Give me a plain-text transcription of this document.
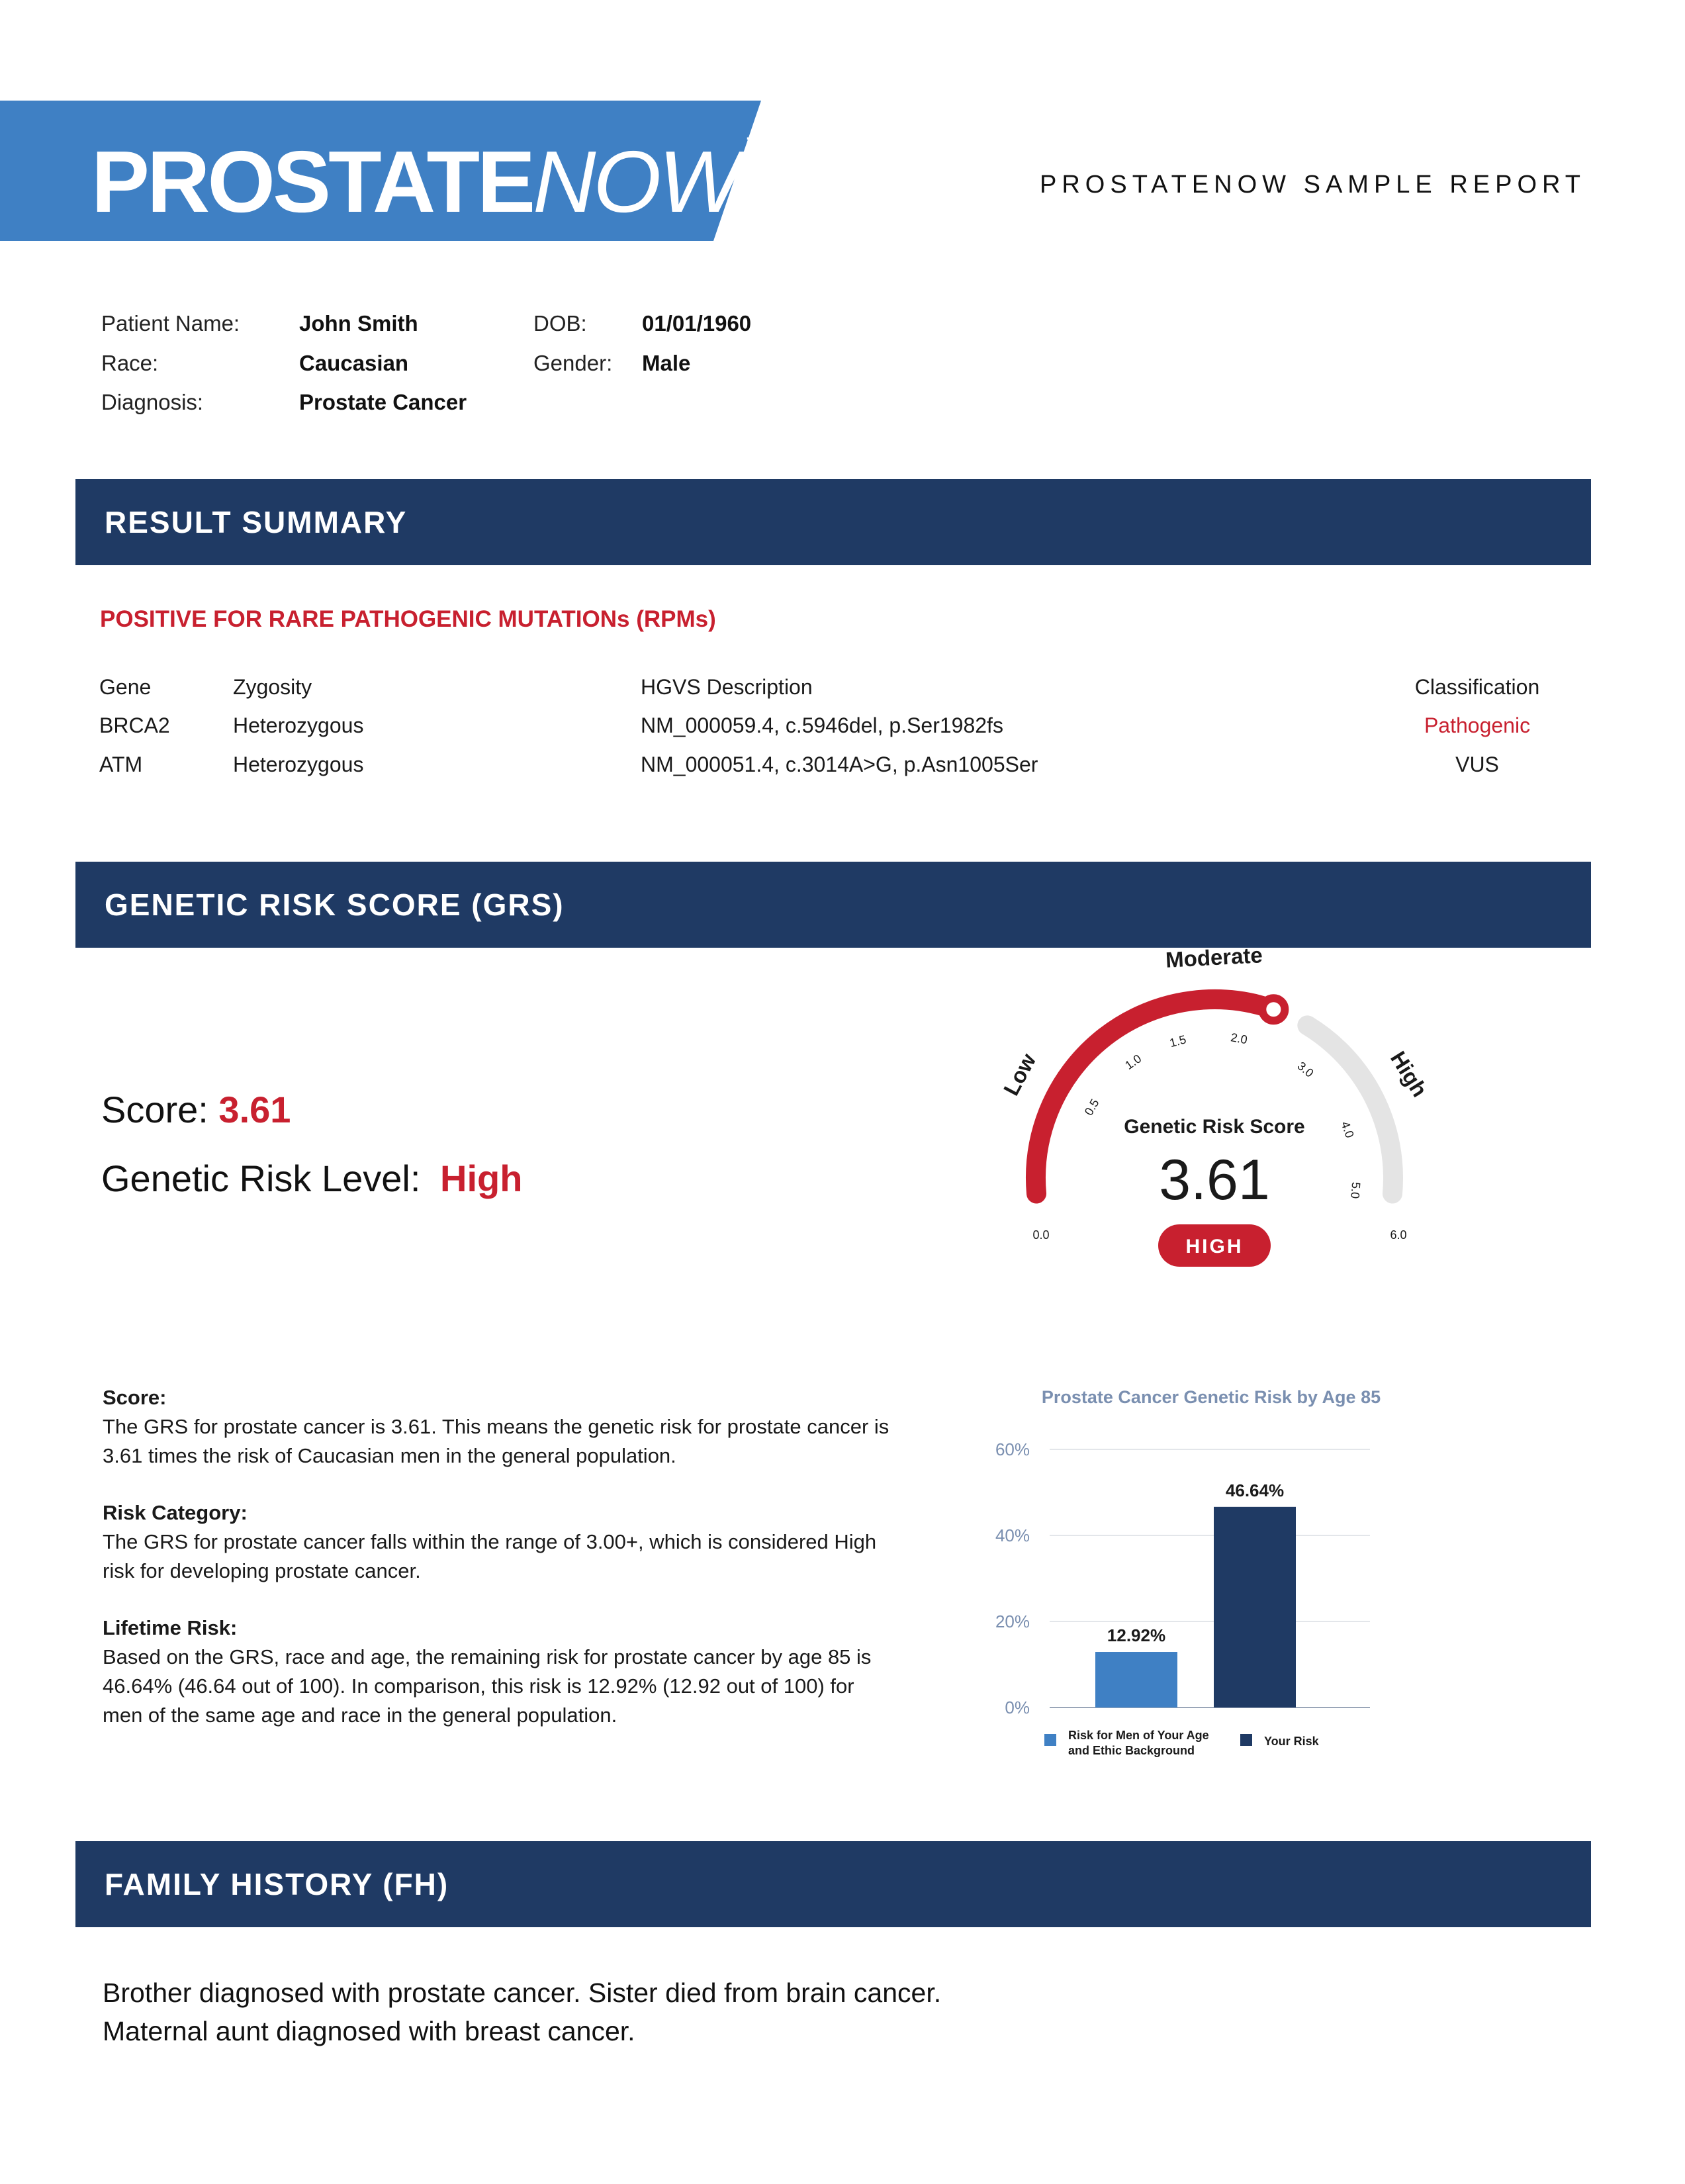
PROSTATENOW ™
PROSTATENOW SAMPLE REPORT
Patient Name:	John Smith
Race:	Caucasian
Diagnosis:	Prostate Cancer
DOB:	01/01/1960
Gender: Male
RESULT SUMMARY
POSITIVE FOR RARE PATHOGENIC MUTATIONs (RPMs)
Gene	Zygosity	HGVS Description	Classification
BRCA2	Heterozygous	NM_000059.4, c.5946del, p.Ser1982fs	Pathogenic
ATM	Heterozygous	NM_000051.4, c.3014A>G, p.Asn1005Ser	VUS
GENETIC RISK SCORE (GRS)
Score: 3.61
Genetic Risk Level: High
0.0
0.5
1.0
1.5	2.0
3.0
4.0
5.0
6.0
Low
Moderate
High
Genetic Risk Score
3.61
HIGH
Score:
The GRS for prostate cancer is 3.61. This means the genetic risk for prostate cancer is 3.61 times the risk of Caucasian men in the general population.
Risk Category:
The GRS for prostate cancer falls within the range of 3.00+, which is considered High risk for developing prostate cancer.
Lifetime Risk:
Based on the GRS, race and age, the remaining risk for prostate cancer by age 85 is 46.64% (46.64 out of 100). In comparison, this risk is 12.92% (12.92 out of 100) for men of the same age and race in the general population.
Prostate Cancer Genetic Risk by Age 85
0%
20%
40%
60%
12.92%
46.64%
Risk for Men of Your Age
and Ethic Background
Your Risk
FAMILY HISTORY (FH)
Brother diagnosed with prostate cancer. Sister died from brain cancer.
Maternal aunt diagnosed with breast cancer.
